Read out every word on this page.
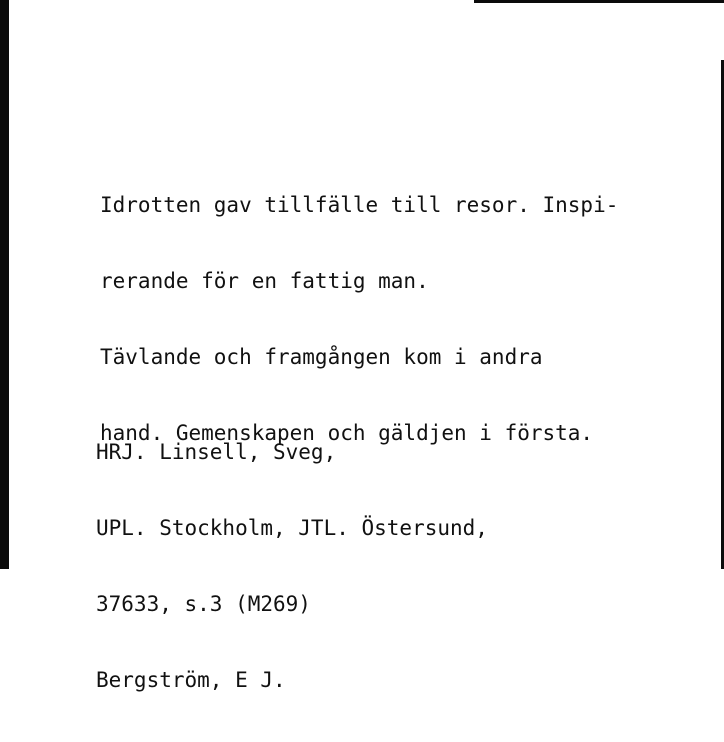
Idrotten gav tillfälle till resor. Inspi-

rerande för en fattig man.

Tävlande och framgången kom i andra

hand. Gemenskapen och gäldjen i första.

HRJ. Linsell, Sveg,

UPL. Stockholm, JTL. Östersund,

37633, s.3 (M269)

Bergström, E J.
